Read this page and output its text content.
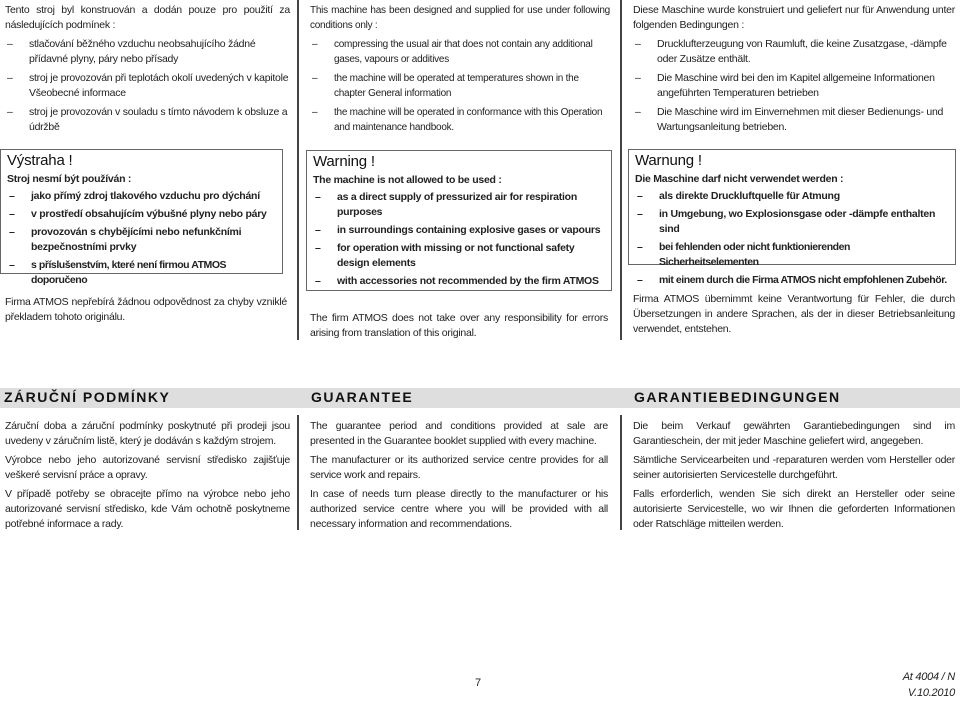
Tento stroj byl konstruován a dodán pouze pro použití za následujících podmínek :

– stlačování běžného vzduchu neobsahujícího žádné přídavné plyny, páry nebo přísady
– stroj je provozován při teplotách okolí uvedených v kapitole Všeobecné informace
– stroj je provozován v souladu s tímto návodem k obsluze a údržbě

This machine has been designed and supplied for use under following conditions only :

– compressing the usual air that does not contain any additional gases, vapours or additives
– the machine will be operated at temperatures shown in the chapter General information
– the machine will be operated in conformance with this Operation and maintenance handbook.

Diese Maschine wurde konstruiert und geliefert nur für Anwendung unter folgenden Bedingungen :

– Drucklufterzeugung von Raumluft, die keine Zusatzgase, -dämpfe oder Zusätze enthält.
– Die Maschine wird bei den im Kapitel allgemeine Informationen angeführten Temperaturen betrieben
– Die Maschine wird im Einvernehmen mit dieser Bedienungs- und Wartungsanleitung betrieben.
Výstraha !
Stroj nesmí být používán :
– jako přímý zdroj tlakového vzduchu pro dýchání
– v prostředí obsahujícím výbušné plyny nebo páry
– provozován s chybějícími nebo nefunkčními bezpečnostními prvky
– s příslušenstvím, které není firmou ATMOS doporučeno

Firma ATMOS nepřebírá žádnou odpovědnost za chyby vzniklé překladem tohoto originálu.

Warning !
The machine is not allowed to be used :
– as a direct supply of pressurized air for respiration purposes
– in surroundings containing explosive gases or vapours
– for operation with missing or not functional safety design elements
– with accessories not recommended by the firm ATMOS

The firm ATMOS does not take over any responsibility for errors arising from translation of this original.

Warnung !
Die Maschine darf nicht verwendet werden :
– als direkte Druckluftquelle für Atmung
– in Umgebung, wo Explosionsgase oder -dämpfe enthalten sind
– bei fehlenden oder nicht funktionierenden Sicherheitselementen
– mit einem durch die Firma ATMOS nicht empfohlenen Zubehör.

Firma ATMOS übernimmt keine Verantwortung für Fehler, die durch Übersetzungen in andere Sprachen, als der in dieser Betriebsanleitung verwendet, entstehen.

ZÁRUČNÍ PODMÍNKY	GUARANTEE	GARANTIEBEDINGUNGEN

Záruční doba a záruční podmínky poskytnuté při prodeji jsou uvedeny v záručním listě, který je dodáván s každým strojem.

Výrobce nebo jeho autorizované servisní středisko zajišťuje veškeré servisní práce a opravy.

V případě potřeby se obracejte přímo na výrobce nebo jeho autorizované servisní středisko, kde Vám ochotně poskytneme potřebné informace a rady.

The guarantee period and conditions provided at sale are presented in the Guarantee booklet supplied with every machine.

The manufacturer or its authorized service centre provides for all service work and repairs.

In case of needs turn please directly to the manufacturer or his authorized service centre where you will be provided with all necessary information and recommendations.

Die beim Verkauf gewährten Garantiebedingungen sind im Garantieschein, der mit jeder Maschine geliefert wird, angegeben.

Sämtliche Servicearbeiten und -reparaturen werden vom Hersteller oder seiner autorisierten Servicestelle durchgeführt.

Falls erforderlich, wenden Sie sich direkt an Hersteller oder seine autorisierte Servicestelle, wo wir Ihnen die geforderten Informationen oder Ratschläge mitteilen werden.

7	At 4004 / N
V.10.2010
